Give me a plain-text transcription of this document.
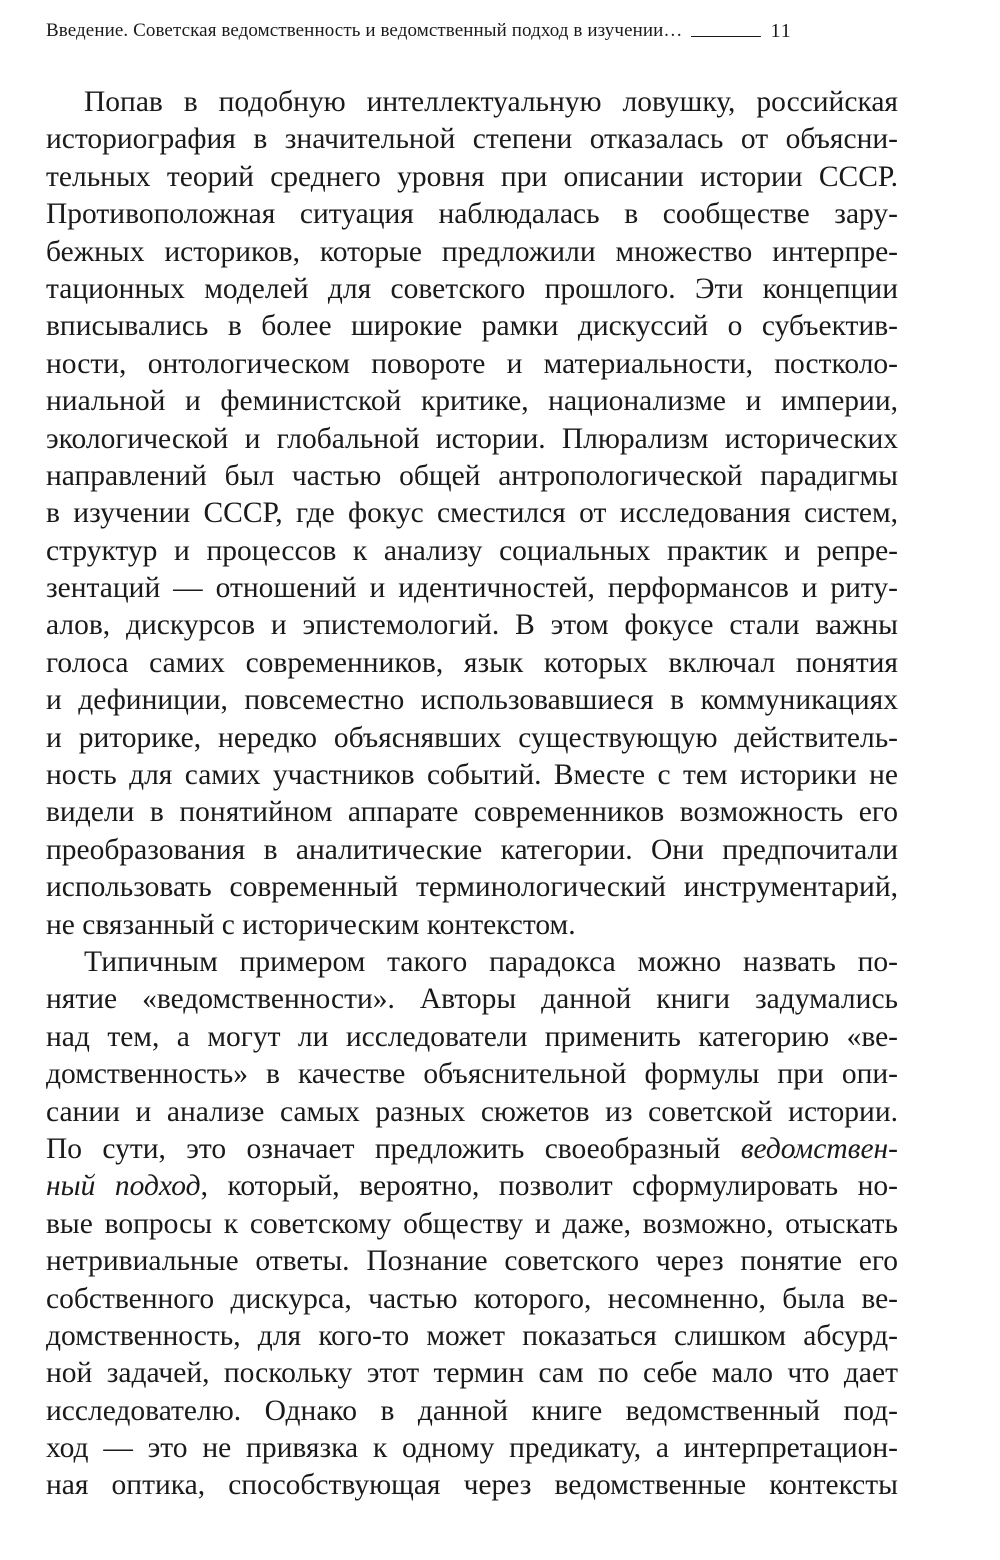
Введение. Советская ведомственность и ведомственный подход в изучении…	11
Попав в подобную интеллектуальную ловушку, российская
историография в значительной степени отказалась от объясни-
тельных теорий среднего уровня при описании истории СССР.
Противоположная ситуация наблюдалась в сообществе зару-
бежных историков, которые предложили множество интерпре-
тационных моделей для советского прошлого. Эти концепции
вписывались в более широкие рамки дискуссий о субъектив-
ности, онтологическом повороте и материальности, постколо-
ниальной и феминистской критике, национализме и империи,
экологической и глобальной истории. Плюрализм исторических
направлений был частью общей антропологической парадигмы
в изучении СССР, где фокус сместился от исследования систем,
структур и процессов к анализу социальных практик и репре-
зентаций — отношений и идентичностей, перформансов и риту-
алов, дискурсов и эпистемологий. В этом фокусе стали важны
голоса самих современников, язык которых включал понятия
и дефиниции, повсеместно использовавшиеся в коммуникациях
и риторике, нередко объяснявших существующую действитель-
ность для самих участников событий. Вместе с тем историки не
видели в понятийном аппарате современников возможность его
преобразования в аналитические категории. Они предпочитали
использовать современный терминологический инструментарий,
не связанный с историческим контекстом.
Типичным примером такого парадокса можно назвать по-
нятие «ведомственности». Авторы данной книги задумались
над тем, а могут ли исследователи применить категорию «ве-
домственность» в качестве объяснительной формулы при опи-
сании и анализе самых разных сюжетов из советской истории.
По сути, это означает предложить своеобразный ведомствен-
ный подход, который, вероятно, позволит сформулировать но-
вые вопросы к советскому обществу и даже, возможно, отыскать
нетривиальные ответы. Познание советского через понятие его
собственного дискурса, частью которого, несомненно, была ве-
домственность, для кого-то может показаться слишком абсурд-
ной задачей, поскольку этот термин сам по себе мало что дает
исследователю. Однако в данной книге ведомственный под-
ход — это не привязка к одному предикату, а интерпретацион-
ная оптика, способствующая через ведомственные контексты
